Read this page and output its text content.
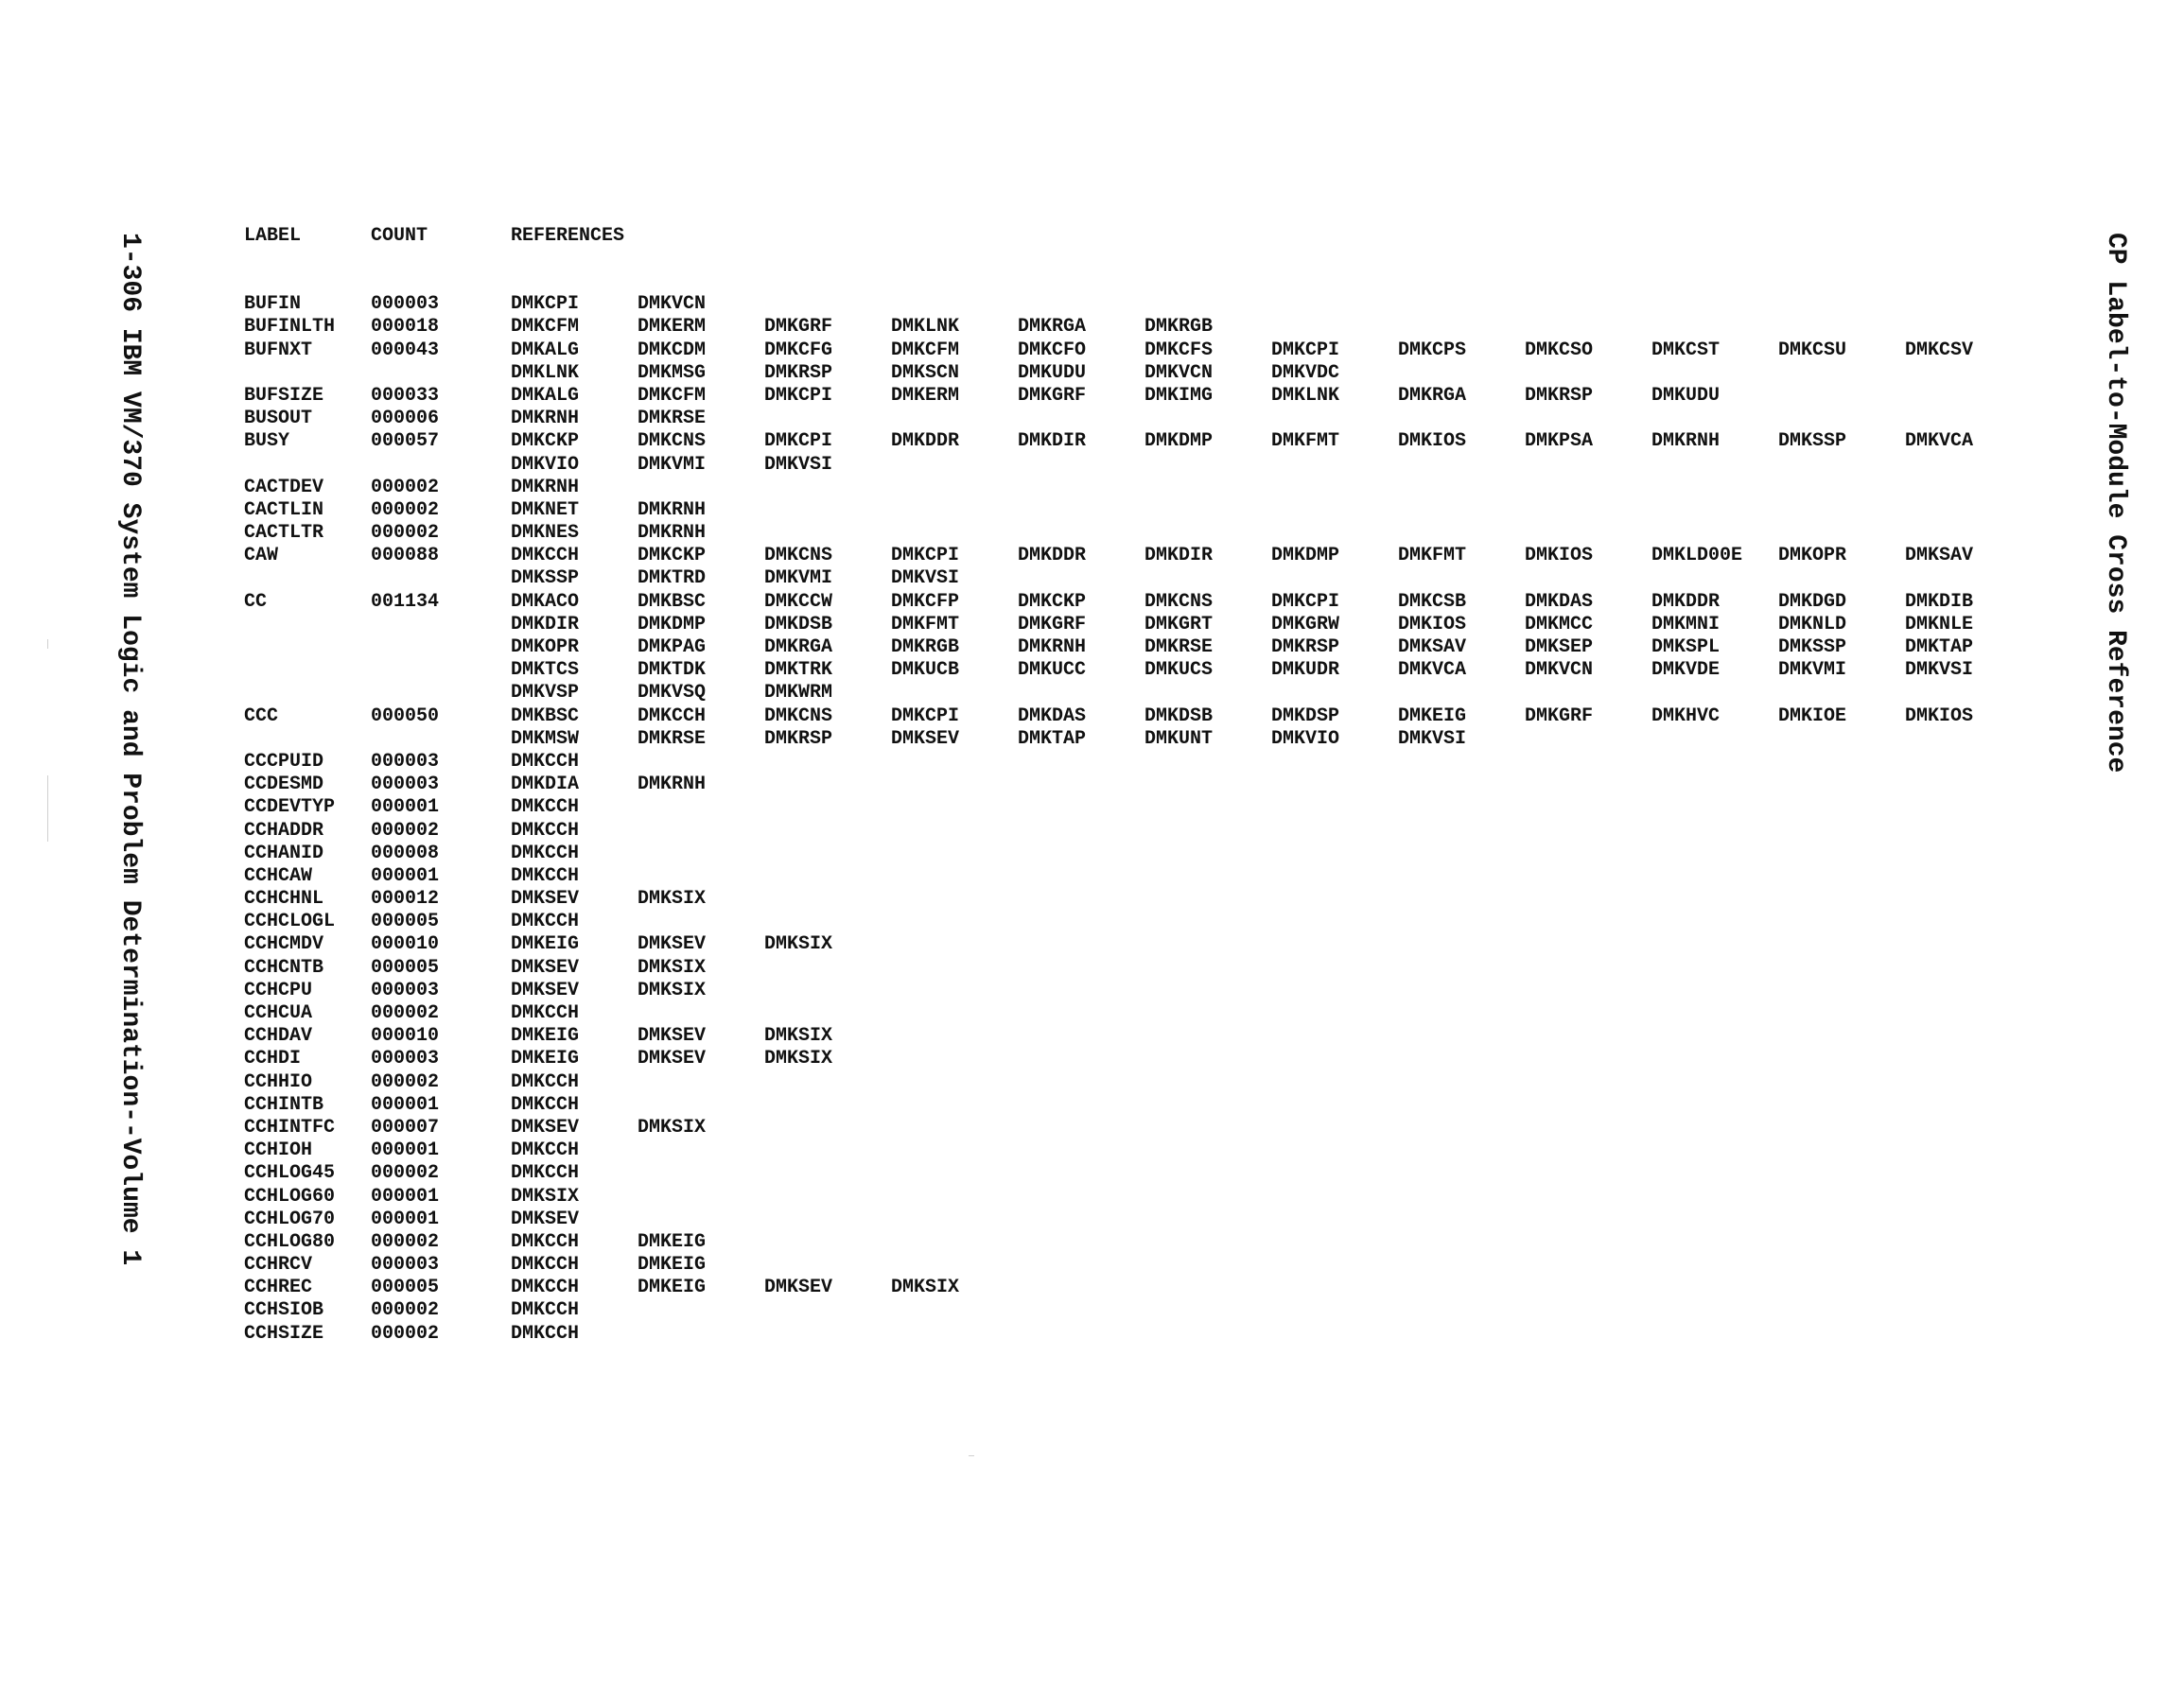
1-306 IBM VM/370 System Logic and Problem Determination--Volume 1	CP Label-to-Module Cross Reference
LABEL	COUNT	REFERENCES
BUFIN	000003	DMKCPI	DMKVCN
BUFINLTH	000018	DMKCFM	DMKERM	DMKGRF	DMKLNK	DMKRGA	DMKRGB
BUFNXT	000043	DMKALG	DMKCDM	DMKCFG	DMKCFM	DMKCFO	DMKCFS	DMKCPI	DMKCPS	DMKCSO	DMKCST	DMKCSU	DMKCSV
DMKLNK	DMKMSG	DMKRSP	DMKSCN	DMKUDU	DMKVCN	DMKVDC
BUFSIZE	000033	DMKALG	DMKCFM	DMKCPI	DMKERM	DMKGRF	DMKIMG	DMKLNK	DMKRGA	DMKRSP	DMKUDU
BUSOUT	000006	DMKRNH	DMKRSE
BUSY	000057	DMKCKP	DMKCNS	DMKCPI	DMKDDR	DMKDIR	DMKDMP	DMKFMT	DMKIOS	DMKPSA	DMKRNH	DMKSSP	DMKVCA
DMKVIO	DMKVMI	DMKVSI
CACTDEV	000002	DMKRNH
CACTLIN	000002	DMKNET	DMKRNH
CACTLTR	000002	DMKNES	DMKRNH
CAW	000088	DMKCCH	DMKCKP	DMKCNS	DMKCPI	DMKDDR	DMKDIR	DMKDMP	DMKFMT	DMKIOS	DMKLD00E	DMKOPR	DMKSAV
DMKSSP	DMKTRD	DMKVMI	DMKVSI
CC	001134	DMKACO	DMKBSC	DMKCCW	DMKCFP	DMKCKP	DMKCNS	DMKCPI	DMKCSB	DMKDAS	DMKDDR	DMKDGD	DMKDIB
DMKDIR	DMKDMP	DMKDSB	DMKFMT	DMKGRF	DMKGRT	DMKGRW	DMKIOS	DMKMCC	DMKMNI	DMKNLD	DMKNLE
DMKOPR	DMKPAG	DMKRGA	DMKRGB	DMKRNH	DMKRSE	DMKRSP	DMKSAV	DMKSEP	DMKSPL	DMKSSP	DMKTAP
DMKTCS	DMKTDK	DMKTRK	DMKUCB	DMKUCC	DMKUCS	DMKUDR	DMKVCA	DMKVCN	DMKVDE	DMKVMI	DMKVSI
DMKVSP	DMKVSQ	DMKWRM
CCC	000050	DMKBSC	DMKCCH	DMKCNS	DMKCPI	DMKDAS	DMKDSB	DMKDSP	DMKEIG	DMKGRF	DMKHVC	DMKIOE	DMKIOS
DMKMSW	DMKRSE	DMKRSP	DMKSEV	DMKTAP	DMKUNT	DMKVIO	DMKVSI
CCCPUID	000003	DMKCCH
CCDESMD	000003	DMKDIA	DMKRNH
CCDEVTYP	000001	DMKCCH
CCHADDR	000002	DMKCCH
CCHANID	000008	DMKCCH
CCHCAW	000001	DMKCCH
CCHCHNL	000012	DMKSEV	DMKSIX
CCHCLOGL	000005	DMKCCH
CCHCMDV	000010	DMKEIG	DMKSEV	DMKSIX
CCHCNTB	000005	DMKSEV	DMKSIX
CCHCPU	000003	DMKSEV	DMKSIX
CCHCUA	000002	DMKCCH
CCHDAV	000010	DMKEIG	DMKSEV	DMKSIX
CCHDI	000003	DMKEIG	DMKSEV	DMKSIX
CCHHIO	000002	DMKCCH
CCHINTB	000001	DMKCCH
CCHINTFC	000007	DMKSEV	DMKSIX
CCHIOH	000001	DMKCCH
CCHLOG45	000002	DMKCCH
CCHLOG60	000001	DMKSIX
CCHLOG70	000001	DMKSEV
CCHLOG80	000002	DMKCCH	DMKEIG
CCHRCV	000003	DMKCCH	DMKEIG
CCHREC	000005	DMKCCH	DMKEIG	DMKSEV	DMKSIX
CCHSIOB	000002	DMKCCH
CCHSIZE	000002	DMKCCH
